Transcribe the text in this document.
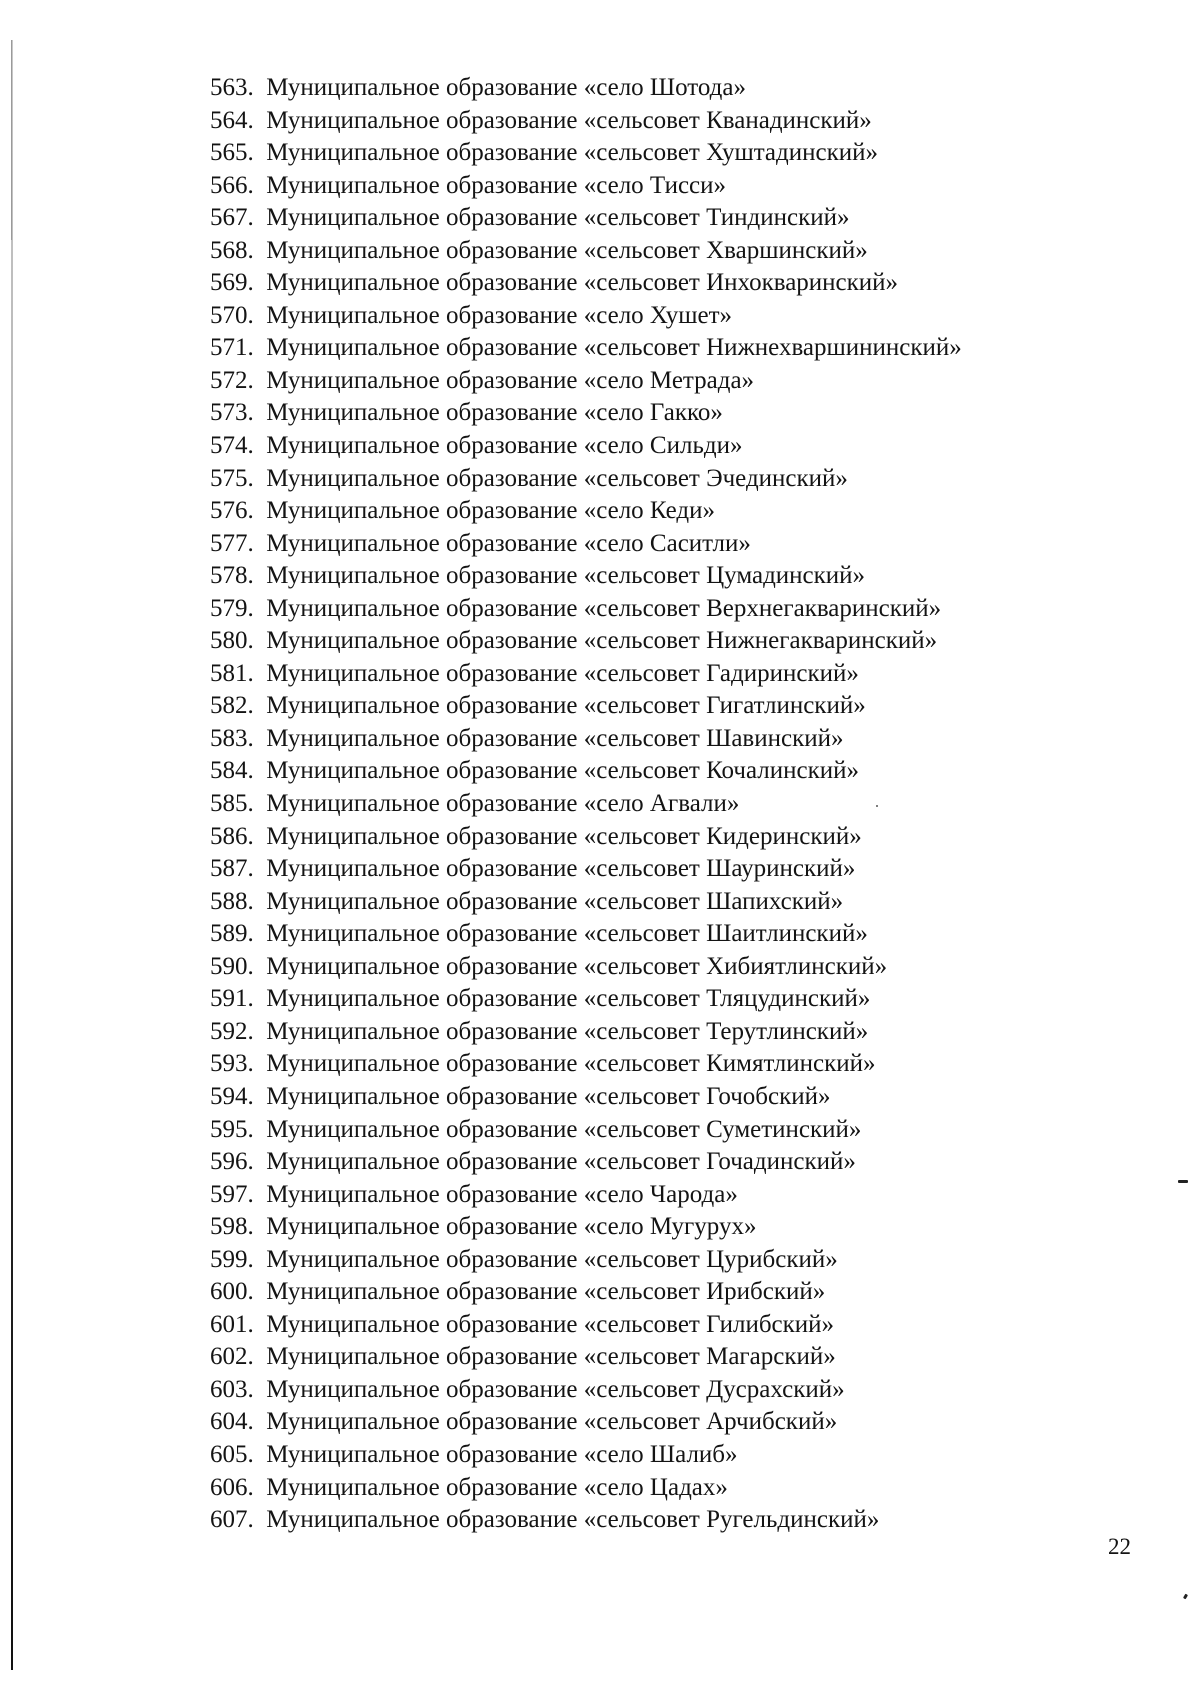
563. Муниципальное образование «село Шотода»
564. Муниципальное образование «сельсовет Кванадинский»
565. Муниципальное образование «сельсовет Хуштадинский»
566. Муниципальное образование «село Тисси»
567. Муниципальное образование «сельсовет Тиндинский»
568. Муниципальное образование «сельсовет Хваршинский»
569. Муниципальное образование «сельсовет Инхокваринский»
570. Муниципальное образование «село Хушет»
571. Муниципальное образование «сельсовет Нижнехваршининский»
572. Муниципальное образование «село Метрада»
573. Муниципальное образование «село Гакко»
574. Муниципальное образование «село Сильди»
575. Муниципальное образование «сельсовет Эчединский»
576. Муниципальное образование «село Кеди»
577. Муниципальное образование «село Саситли»
578. Муниципальное образование «сельсовет Цумадинский»
579. Муниципальное образование «сельсовет Верхнегакваринский»
580. Муниципальное образование «сельсовет Нижнегакваринский»
581. Муниципальное образование «сельсовет Гадиринский»
582. Муниципальное образование «сельсовет Гигатлинский»
583. Муниципальное образование «сельсовет Шавинский»
584. Муниципальное образование «сельсовет Кочалинский»
585. Муниципальное образование «село Агвали»
586. Муниципальное образование «сельсовет Кидеринский»
587. Муниципальное образование «сельсовет Шауринский»
588. Муниципальное образование «сельсовет Шапихский»
589. Муниципальное образование «сельсовет Шаитлинский»
590. Муниципальное образование «сельсовет Хибиятлинский»
591. Муниципальное образование «сельсовет Тляцудинский»
592. Муниципальное образование «сельсовет Терутлинский»
593. Муниципальное образование «сельсовет Кимятлинский»
594. Муниципальное образование «сельсовет Гочобский»
595. Муниципальное образование «сельсовет Суметинский»
596. Муниципальное образование «сельсовет Гочадинский»
597. Муниципальное образование «село Чарода»
598. Муниципальное образование «село Мугурух»
599. Муниципальное образование «сельсовет Цурибский»
600. Муниципальное образование «сельсовет Ирибский»
601. Муниципальное образование «сельсовет Гилибский»
602. Муниципальное образование «сельсовет Магарский»
603. Муниципальное образование «сельсовет Дусрахский»
604. Муниципальное образование «сельсовет Арчибский»
605. Муниципальное образование «село Шалиб»
606. Муниципальное образование «село Цадах»
607. Муниципальное образование «сельсовет Ругельдинский»
22
